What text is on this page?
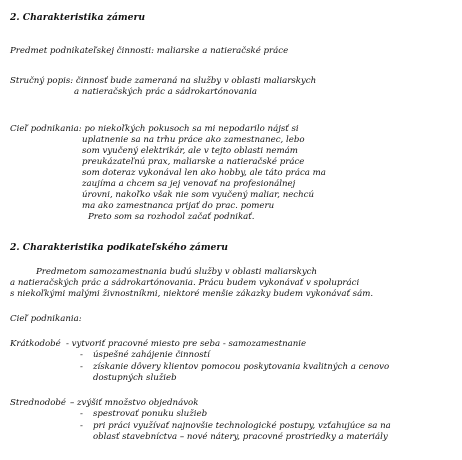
2. Charakteristika zámeru
Predmet podnikateľskej činnosti: maliarske a natieračské práce
Stručný popis: činnosť bude zameraná na služby v oblasti maliarskych
a natieračských prác a sádrokartónovania
Cieľ podnikania: po niekoľkých pokusoch sa mi nepodarilo nájsť si
uplatnenie sa na trhu práce ako zamestnanec, lebo
som vyučený elektrikár, ale v tejto oblasti nemám
preukázateľnú prax, maliarske a natieračské práce
som doteraz vykonával len ako hobby, ale táto práca ma
zaujíma a chcem sa jej venovať na profesionálnej
úrovni, nakoľko však nie som vyučený maliar, nechcú
ma ako zamestnanca prijať do prac. pomeru
Preto som sa rozhodol začať podnikať.
2. Charakteristika podikateľského zámeru
Predmetom samozamestnania budú služby v oblasti maliarskych
a natieračských prác a sádrokartónovania. Prácu budem vykonávať v spolupráci
s niekoľkými malými živnostníkmi, niektoré menšie zákazky budem vykonávať sám.
Cieľ podnikania:
Krátkodobé - vytvoriť pracovné miesto pre seba - samozamestnanie
- úspešné zahájenie činností
- získanie dôvery klientov pomocou poskytovania kvalitných a cenovo
dostupných služieb
Strednodobé – zvýšiť množstvo objednávok
- spestrovať ponuku služieb
- pri práci využívať najnovšie technologické postupy, vzťahujúce sa na
oblasť stavebníctva – nové nátery, pracovné prostriedky a materiály
